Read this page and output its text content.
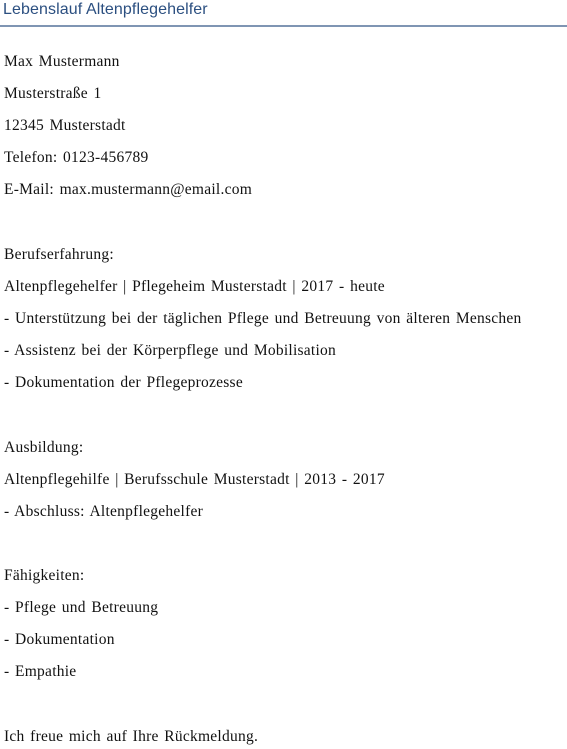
Lebenslauf Altenpflegehelfer
Max Mustermann
Musterstraße 1
12345 Musterstadt
Telefon: 0123-456789
E-Mail: max.mustermann@email.com
Berufserfahrung:
Altenpflegehelfer | Pflegeheim Musterstadt | 2017 - heute
- Unterstützung bei der täglichen Pflege und Betreuung von älteren Menschen
- Assistenz bei der Körperpflege und Mobilisation
- Dokumentation der Pflegeprozesse
Ausbildung:
Altenpflegehilfe | Berufsschule Musterstadt | 2013 - 2017
- Abschluss: Altenpflegehelfer
Fähigkeiten:
- Pflege und Betreuung
- Dokumentation
- Empathie
Ich freue mich auf Ihre Rückmeldung.
